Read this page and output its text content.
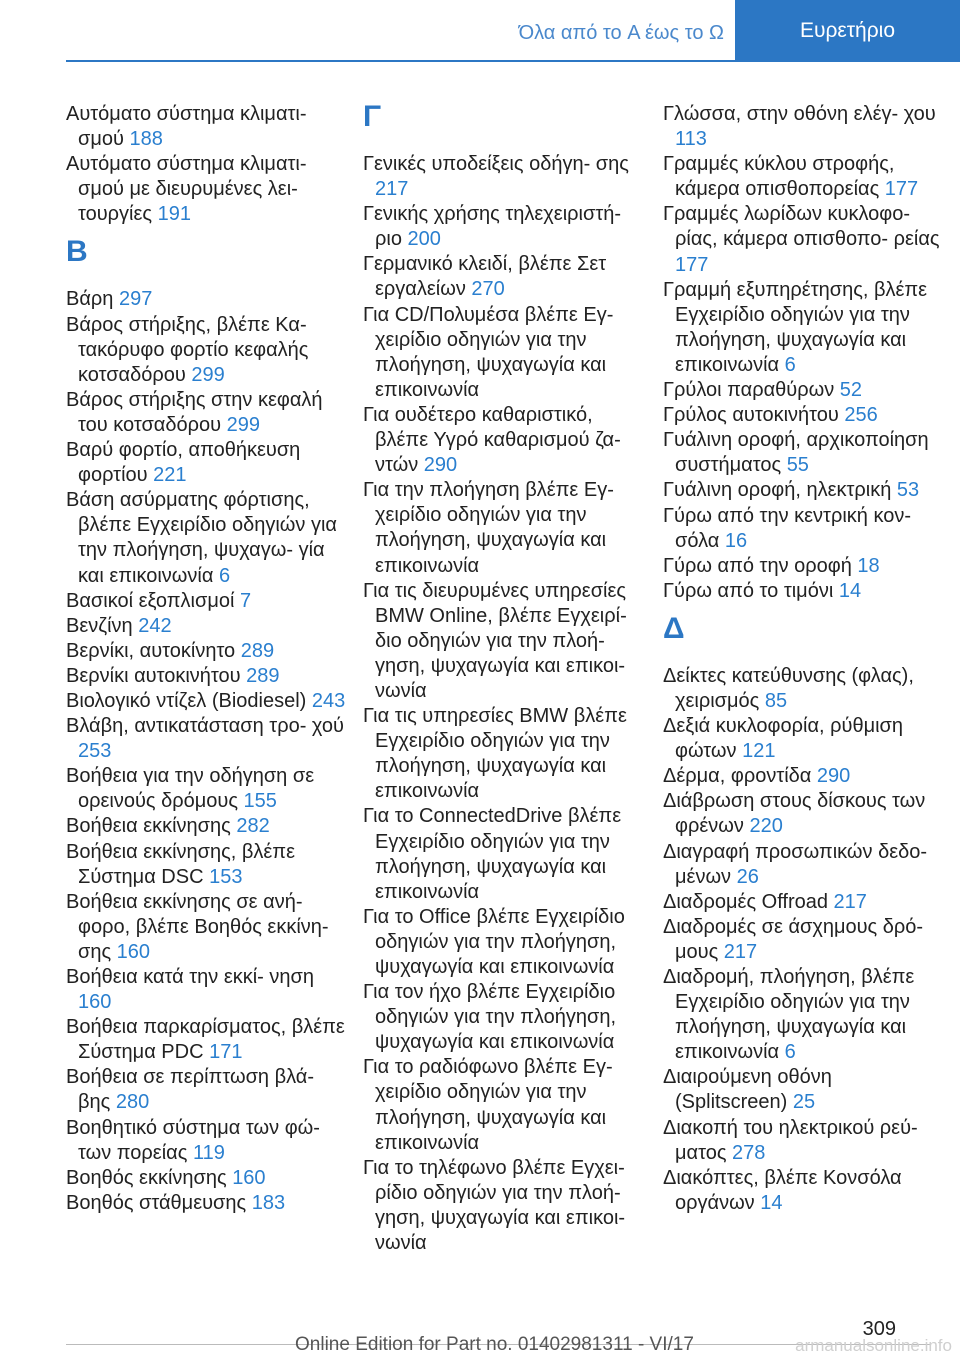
Όλα από το A έως το Ω	Ευρετήριο
Αυτόματο σύστημα κλιματι‐ σμού 188
Αυτόματο σύστημα κλιματι‐ σμού με διευρυμένες λει‐ τουργίες 191
B
Βάρη 297
Βάρος στήριξης, βλέπε Κα‐ τακόρυφο φορτίο κεφαλής κοτσαδόρου 299
Βάρος στήριξης στην κεφαλή του κοτσαδόρου 299
Βαρύ φορτίο, αποθήκευση φορτίου 221
Βάση ασύρματης φόρτισης, βλέπε Εγχειρίδιο οδηγιών για την πλοήγηση, ψυχαγω‐ γία και επικοινωνία 6
Βασικοί εξοπλισμοί 7
Βενζίνη 242
Βερνίκι, αυτοκίνητο 289
Βερνίκι αυτοκινήτου 289
Βιολογικό ντίζελ (Biodiesel) 243
Βλάβη, αντικατάσταση τρο‐ χού 253
Βοήθεια για την οδήγηση σε ορεινούς δρόμους 155
Βοήθεια εκκίνησης 282
Βοήθεια εκκίνησης, βλέπε Σύστημα DSC 153
Βοήθεια εκκίνησης σε ανή‐ φορο, βλέπε Βοηθός εκκίνη‐ σης 160
Βοήθεια κατά την εκκί‐ νηση 160
Βοήθεια παρκαρίσματος, βλέπε Σύστημα PDC 171
Βοήθεια σε περίπτωση βλά‐ βης 280
Βοηθητικό σύστημα των φώ‐ των πορείας 119
Βοηθός εκκίνησης 160
Βοηθός στάθμευσης 183
Γ
Γενικές υποδείξεις οδήγη‐ σης 217
Γενικής χρήσης τηλεχειριστή‐ ριο 200
Γερμανικό κλειδί, βλέπε Σετ εργαλείων 270
Για CD/Πολυμέσα βλέπε Εγ‐ χειρίδιο οδηγιών για την πλοήγηση, ψυχαγωγία και επικοινωνία
Για ουδέτερο καθαριστικό, βλέπε Υγρό καθαρισμού ζα‐ ντών 290
Για την πλοήγηση βλέπε Εγ‐ χειρίδιο οδηγιών για την πλοήγηση, ψυχαγωγία και επικοινωνία
Για τις διευρυμένες υπηρεσίες BMW Online, βλέπε Εγχειρί‐ διο οδηγιών για την πλοή‐ γηση, ψυχαγωγία και επικοι‐ νωνία
Για τις υπηρεσίες BMW βλέπε Εγχειρίδιο οδηγιών για την πλοήγηση, ψυχαγωγία και επικοινωνία
Για το ConnectedDrive βλέπε Εγχειρίδιο οδηγιών για την πλοήγηση, ψυχαγωγία και επικοινωνία
Για το Office βλέπε Εγχειρίδιο οδηγιών για την πλοήγηση, ψυχαγωγία και επικοινωνία
Για τον ήχο βλέπε Εγχειρίδιο οδηγιών για την πλοήγηση, ψυχαγωγία και επικοινωνία
Για το ραδιόφωνο βλέπε Εγ‐ χειρίδιο οδηγιών για την πλοήγηση, ψυχαγωγία και επικοινωνία
Για το τηλέφωνο βλέπε Εγχει‐ ρίδιο οδηγιών για την πλοή‐ γηση, ψυχαγωγία και επικοι‐ νωνία
Γλώσσα, στην οθόνη ελέγ‐ χου 113
Γραμμές κύκλου στροφής, κάμερα οπισθοπορείας 177
Γραμμές λωρίδων κυκλοφο‐ ρίας, κάμερα οπισθοπο‐ ρείας 177
Γραμμή εξυπηρέτησης, βλέπε Εγχειρίδιο οδηγιών για την πλοήγηση, ψυχαγωγία και επικοινωνία 6
Γρύλοι παραθύρων 52
Γρύλος αυτοκινήτου 256
Γυάλινη οροφή, αρχικοποίηση συστήματος 55
Γυάλινη οροφή, ηλεκτρική 53
Γύρω από την κεντρική κον‐ σόλα 16
Γύρω από την οροφή 18
Γύρω από το τιμόνι 14
Δ
Δείκτες κατεύθυνσης (φλας), χειρισμός 85
Δεξιά κυκλοφορία, ρύθμιση φώτων 121
Δέρμα, φροντίδα 290
Διάβρωση στους δίσκους των φρένων 220
Διαγραφή προσωπικών δεδο‐ μένων 26
Διαδρομές Offroad 217
Διαδρομές σε άσχημους δρό‐ μους 217
Διαδρομή, πλοήγηση, βλέπε Εγχειρίδιο οδηγιών για την πλοήγηση, ψυχαγωγία και επικοινωνία 6
Διαιρούμενη οθόνη (Splitscreen) 25
Διακοπή του ηλεκτρικού ρεύ‐ ματος 278
Διακόπτες, βλέπε Κονσόλα οργάνων 14
309
Online Edition for Part no. 01402981311 - VI/17	armanualsonline.info
